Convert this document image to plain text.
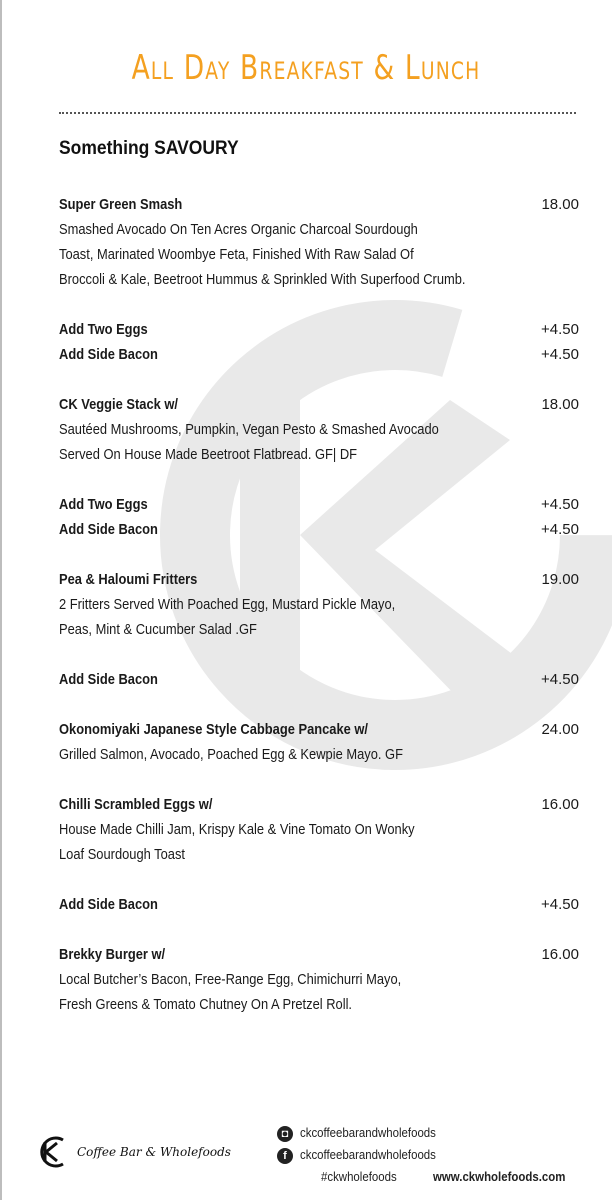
All Day Breakfast & Lunch
Something SAVOURY
Super Green Smash	18.00
Smashed Avocado On Ten Acres Organic Charcoal Sourdough
Toast, Marinated Woombye Feta, Finished With Raw Salad Of
Broccoli & Kale, Beetroot Hummus & Sprinkled With Superfood Crumb.
Add Two Eggs	+4.50
Add Side Bacon	+4.50
CK Veggie Stack w/	18.00
Sautéed Mushrooms, Pumpkin, Vegan Pesto & Smashed Avocado
Served On House Made Beetroot Flatbread. GF| DF
Add Two Eggs	+4.50
Add Side Bacon	+4.50
Pea & Haloumi Fritters	19.00
2 Fritters Served With Poached Egg, Mustard Pickle Mayo,
Peas, Mint & Cucumber Salad .GF
Add Side Bacon	+4.50
Okonomiyaki Japanese Style Cabbage Pancake w/	24.00
Grilled Salmon, Avocado, Poached Egg & Kewpie Mayo. GF
Chilli Scrambled Eggs w/	16.00
House Made Chilli Jam, Krispy Kale & Vine Tomato On Wonky
Loaf Sourdough Toast
Add Side Bacon	+4.50
Brekky Burger w/	16.00
Local Butcher’s Bacon, Free-Range Egg, Chimichurri Mayo,
Fresh Greens & Tomato Chutney On A Pretzel Roll.
Coffee Bar & Wholefoods
◘ ckcoffeebarandwholefoods
f ckcoffeebarandwholefoods
#ckwholefoods	www.ckwholefoods.com
